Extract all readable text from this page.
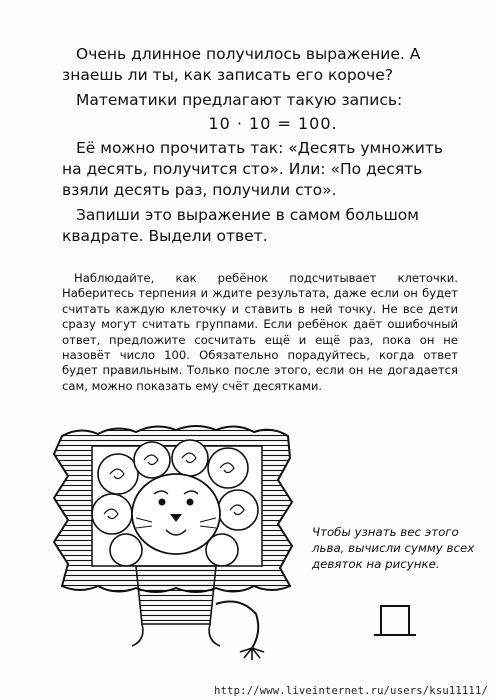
Очень длинное получилось выражение. А знаешь ли ты, как записать его короче?

Математики предлагают такую запись:

10 · 10 = 100.

Её можно прочитать так: «Десять умножить на десять, получится сто». Или: «По десять взяли десять раз, получили сто».

Запиши это выражение в самом большом квадрате. Выдели ответ.

Наблюдайте, как ребёнок подсчитывает клеточки. Наберитесь терпения и ждите результата, даже если он будет считать каждую клеточку и ставить в ней точку. Не все дети сразу могут считать группами. Если ребёнок даёт ошибочный ответ, предложите сосчитать ещё и ещё раз, пока он не назовёт число 100. Обязательно порадуйтесь, когда ответ будет правильным. Только после этого, если он не догадается сам, можно показать ему счёт десятками.

Чтобы узнать вес этого льва, вычисли сумму всех девяток на рисунке.

http://www.liveinternet.ru/users/ksu11111/
